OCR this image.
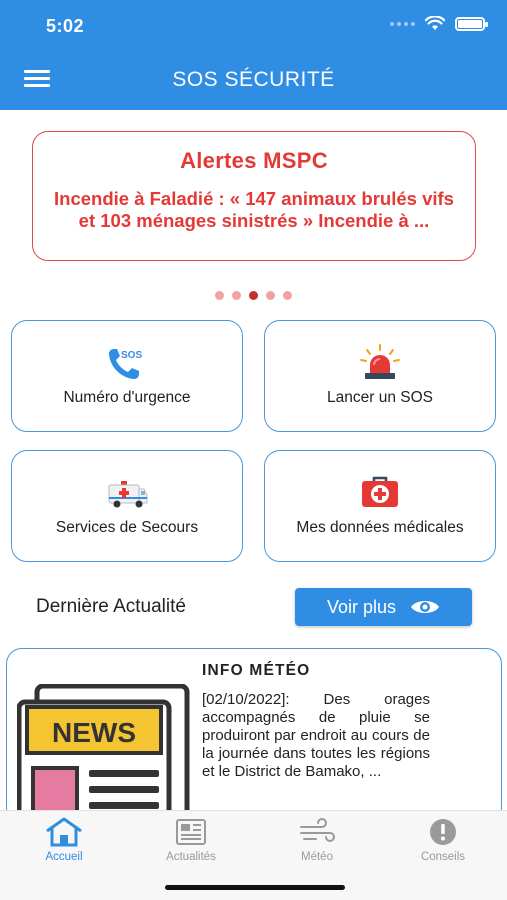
5:02
SOS SÉCURITÉ
Alertes MSPC
Incendie à Faladié : « 147 animaux brulés vifs et 103 ménages sinistrés » Incendie à ...
SOS
Numéro d'urgence	Lancer un SOS
Services de Secours	Mes données médicales
Dernière Actualité	Voir plus
NEWS
INFO MÉTÉO
[02/10/2022]: Des orages accompagnés de pluie se produiront par endroit au cours de la journée dans toutes les régions et le District de Bamako, ...
Accueil	Actualités	Météo	Conseils
